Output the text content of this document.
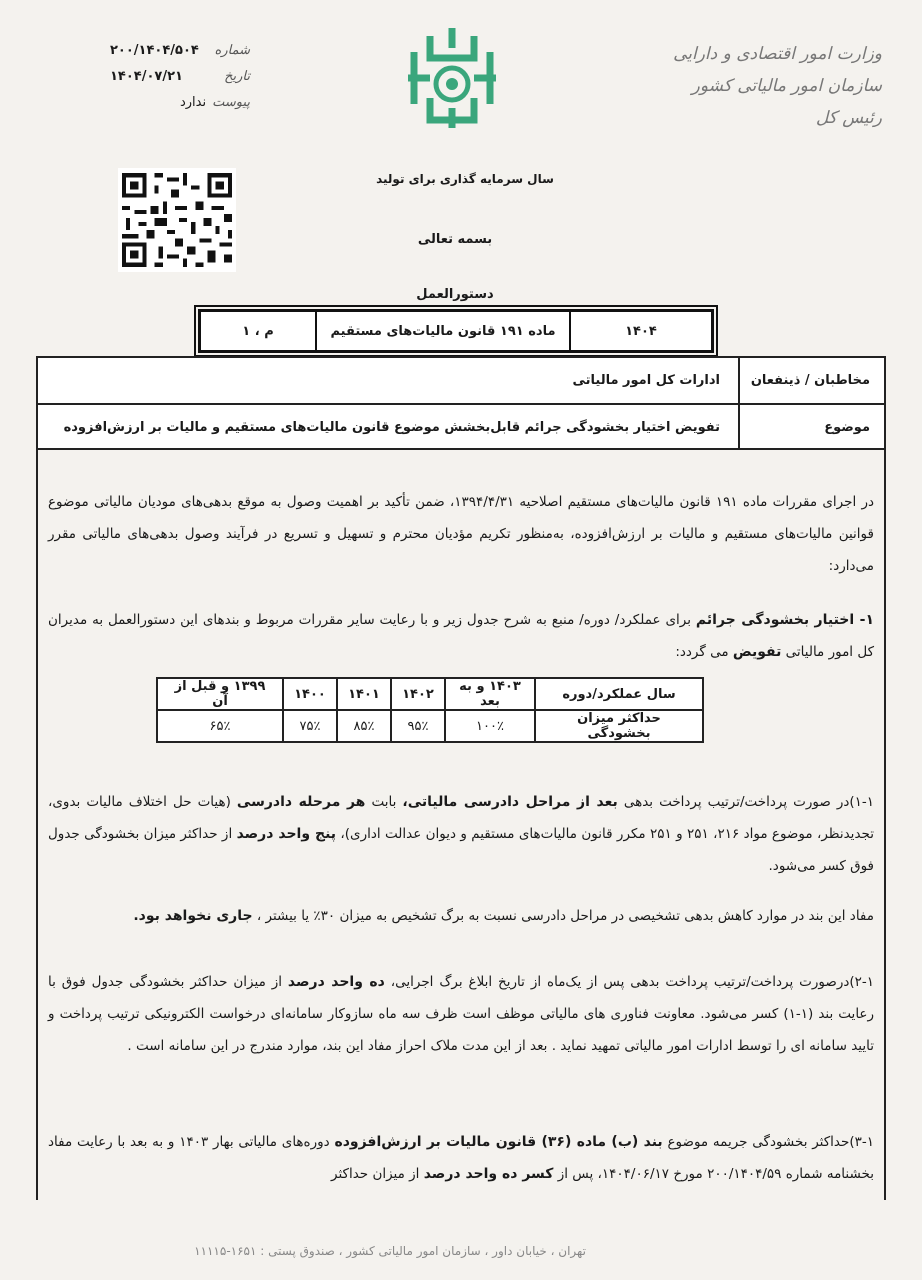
وزارت امور اقتصادی و دارایی
سازمان امور مالیاتی کشور
رئیس کل
شماره
۲۰۰/۱۴۰۴/۵۰۴
تاریخ
۱۴۰۴/۰۷/۲۱
پیوست
ندارد
سال سرمایه گذاری برای تولید
بسمه تعالی
دستورالعمل
۱۴۰۴
ماده ۱۹۱ قانون مالیات‌های مستقیم
م ، ۱
مخاطبان / ذینفعان
ادارات کل امور مالیاتی
موضوع
تفویض اختیار بخشودگی جرائم قابل‌بخشش موضوع قانون مالیات‌های مستقیم و مالیات بر ارزش‌افزوده
در اجرای مقررات ماده ۱۹۱ قانون مالیات‌های مستقیم اصلاحیه ۱۳۹۴/۴/۳۱، ضمن تأکید بر اهمیت وصول به موقع بدهی‌های مودیان مالیاتی موضوع قوانین مالیات‌های مستقیم و مالیات بر ارزش‌افزوده، به‌منظور تکریم مؤدیان محترم و تسهیل و تسریع در فرآیند وصول بدهی‌های مالیاتی مقرر می‌دارد:
۱- اختیار بخشودگی جرائم برای عملکرد/ دوره/ منبع به شرح جدول زیر و با رعایت سایر مقررات مربوط و بندهای این دستورالعمل به مدیران کل امور مالیاتی تفویض می گردد:
سال عملکرد/دوره	۱۴۰۳ و به بعد	۱۴۰۲	۱۴۰۱	۱۴۰۰	۱۳۹۹ و قبل از آن
حداکثر میزان بخشودگی	۱۰۰٪	۹۵٪	۸۵٪	۷۵٪	۶۵٪
۱-۱)در صورت پرداخت/ترتیب پرداخت بدهی بعد از مراحل دادرسی مالیاتی، بابت هر مرحله دادرسی (هیات حل اختلاف مالیات بدوی، تجدیدنظر، موضوع مواد ۲۱۶، ۲۵۱ و ۲۵۱ مکرر قانون مالیات‌های مستقیم و دیوان عدالت اداری)، پنج واحد درصد از حداکثر میزان بخشودگی جدول فوق کسر می‌شود.
مفاد این بند در موارد کاهش بدهی تشخیصی در مراحل دادرسی نسبت به برگ تشخیص به میزان ۳۰٪ یا بیشتر ، جاری نخواهد بود.
۲-۱)درصورت پرداخت/ترتیب پرداخت بدهی پس از یک‌ماه از تاریخ ابلاغ برگ اجرایی، ده واحد درصد از میزان حداکثر بخشودگی جدول فوق با رعایت بند (۱-۱) کسر می‌شود. معاونت فناوری های مالیاتی موظف است ظرف سه ماه سازوکار سامانه‌ای درخواست الکترونیکی ترتیب پرداخت و تایید سامانه ای را توسط ادارات امور مالیاتی تمهید نماید . بعد از این مدت ملاک احراز مفاد این بند، موارد مندرج در این سامانه است .
۳-۱)حداکثر بخشودگی جریمه موضوع بند (ب) ماده (۳۶) قانون مالیات بر ارزش‌افزوده دوره‌های مالیاتی بهار ۱۴۰۳ و به بعد با رعایت مفاد بخشنامه شماره ۲۰۰/۱۴۰۴/۵۹ مورخ ۱۴۰۴/۰۶/۱۷، پس از کسر ده واحد درصد از میزان حداکثر
تهران ، خیابان داور ، سازمان امور مالیاتی کشور ، صندوق پستی : ۱۶۵۱-۱۱۱۱۵
